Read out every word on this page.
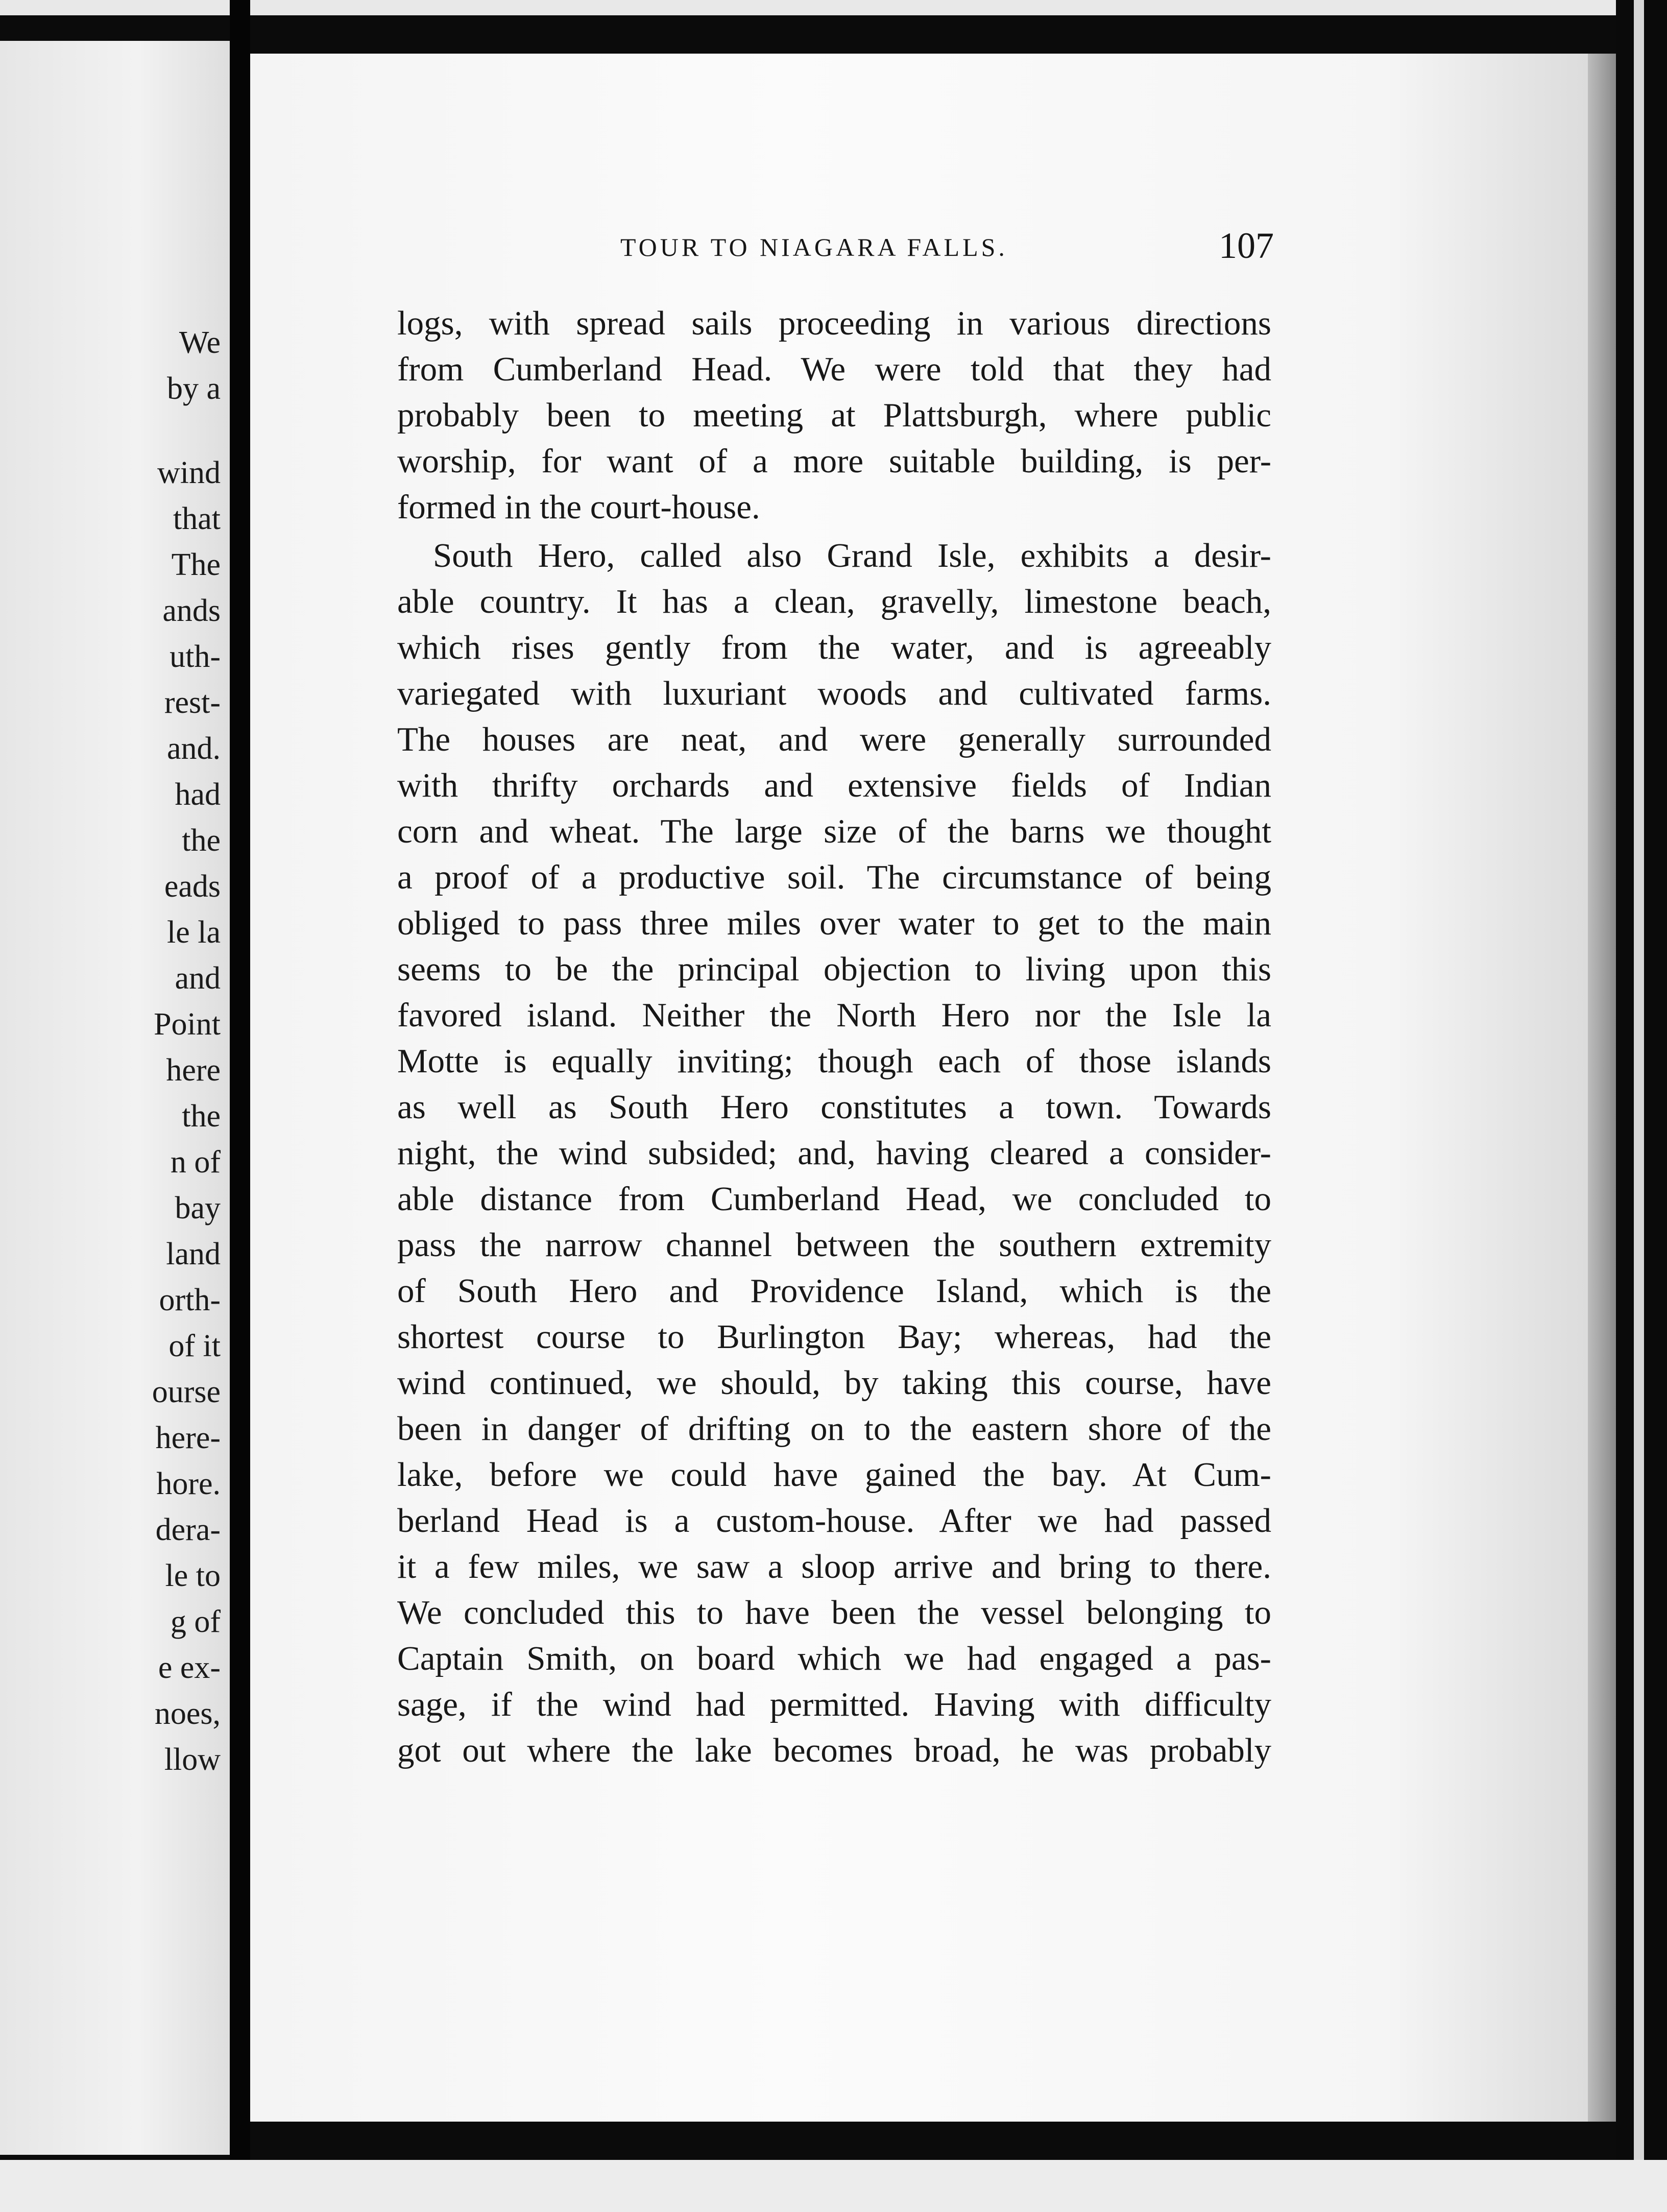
We

by a

wind

that

The

ands

uth-

rest-

and.

had

the

eads

le la

and

Point

here

the

n of

bay

land

orth-

of it

ourse

here-

hore.

dera-

le to

g of

e ex-

noes,

llow

TOUR TO NIAGARA FALLS.	107

logs, with spread sails proceeding in various directions

from Cumberland Head. We were told that they had

probably been to meeting at Plattsburgh, where public

worship, for want of a more suitable building, is per-

formed in the court-house.

South Hero, called also Grand Isle, exhibits a desir-

able country. It has a clean, gravelly, limestone beach,

which rises gently from the water, and is agreeably

variegated with luxuriant woods and cultivated farms.

The houses are neat, and were generally surrounded

with thrifty orchards and extensive fields of Indian

corn and wheat. The large size of the barns we thought

a proof of a productive soil. The circumstance of being

obliged to pass three miles over water to get to the main

seems to be the principal objection to living upon this

favored island. Neither the North Hero nor the Isle la

Motte is equally inviting; though each of those islands

as well as South Hero constitutes a town. Towards

night, the wind subsided; and, having cleared a consider-

able distance from Cumberland Head, we concluded to

pass the narrow channel between the southern extremity

of South Hero and Providence Island, which is the

shortest course to Burlington Bay; whereas, had the

wind continued, we should, by taking this course, have

been in danger of drifting on to the eastern shore of the

lake, before we could have gained the bay. At Cum-

berland Head is a custom-house. After we had passed

it a few miles, we saw a sloop arrive and bring to there.

We concluded this to have been the vessel belonging to

Captain Smith, on board which we had engaged a pas-

sage, if the wind had permitted. Having with difficulty

got out where the lake becomes broad, he was probably
